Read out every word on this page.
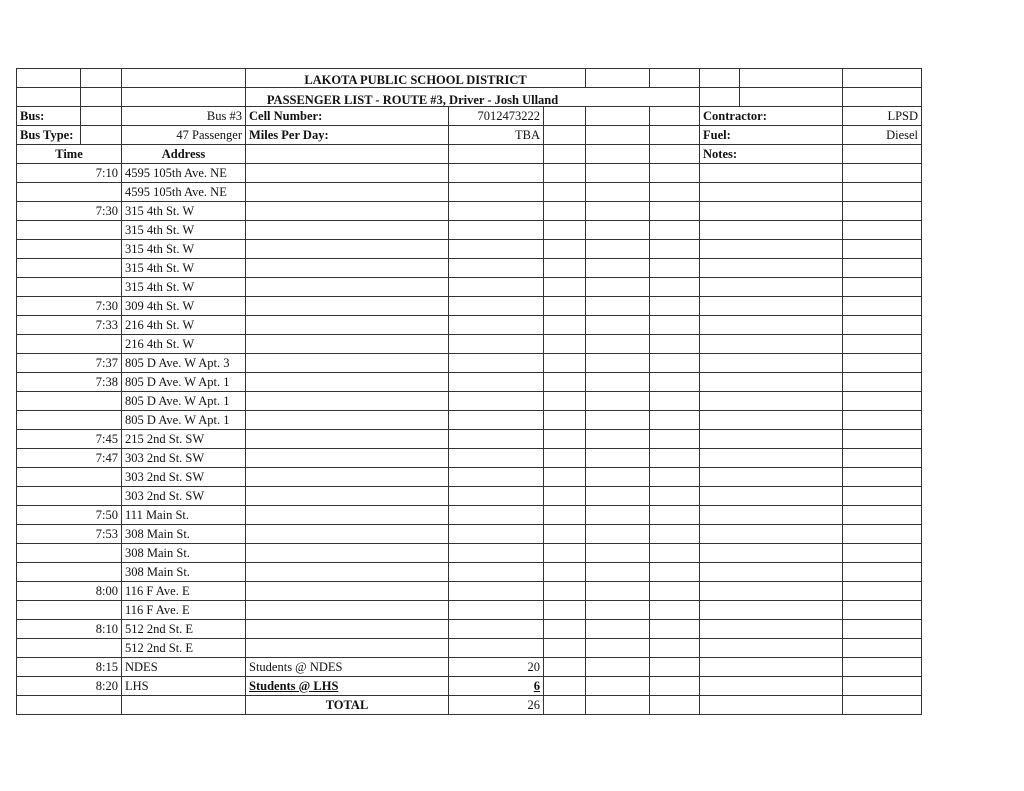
			LAKOTA PUBLIC SCHOOL DISTRICT							
			PASSENGER LIST - ROUTE #3, Driver - Josh Ulland							
Bus:		Bus #3	Cell Number:	7012473222				Contractor:		LPSD
Bus Type:		47 Passenger	Miles Per Day:	TBA				Fuel:		Diesel
Time		Address						Notes:		
7:10		4595 105th Ave. NE								
		4595 105th Ave. NE								
7:30		315 4th St. W								
		315 4th St. W								
		315 4th St. W								
		315 4th St. W								
		315 4th St. W								
7:30		309 4th St. W								
7:33		216 4th St. W								
		216 4th St. W								
7:37		805 D Ave. W Apt. 3								
7:38		805 D Ave. W Apt. 1								
		805 D Ave. W Apt. 1								
		805 D Ave. W Apt. 1								
7:45		215 2nd St. SW								
7:47		303 2nd St. SW								
		303 2nd St. SW								
		303 2nd St. SW								
7:50		111 Main St.								
7:53		308 Main St.								
		308 Main St.								
		308 Main St.								
8:00		116 F Ave. E								
		116 F Ave. E								
8:10		512 2nd St. E								
		512 2nd St. E								
8:15		NDES	Students @ NDES	20						
8:20		LHS	Students @ LHS	6						
			TOTAL	26						
